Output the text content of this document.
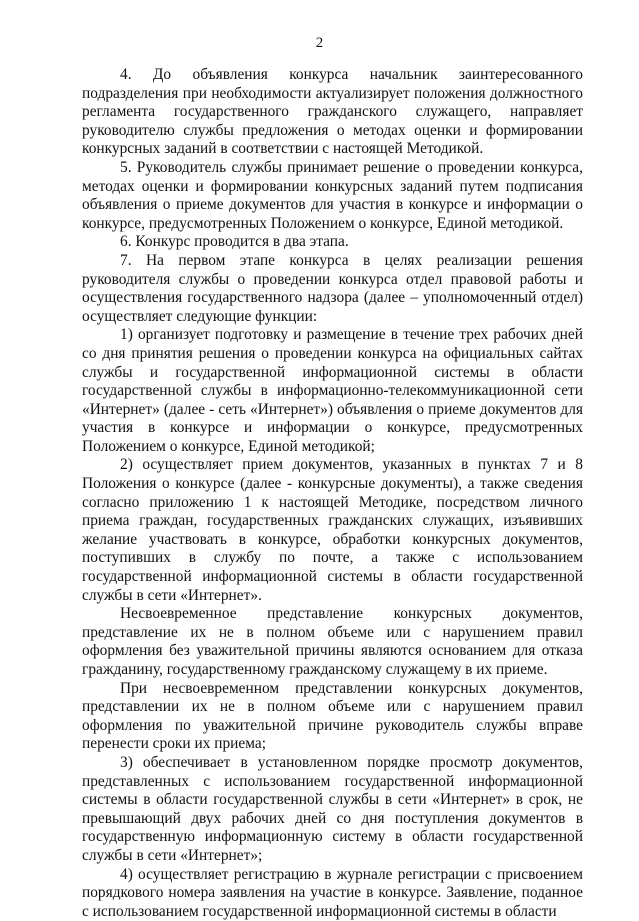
2

4. До объявления конкурса начальник заинтересованного подразделения при необходимости актуализирует положения должностного регламента государственного гражданского служащего, направляет руководителю службы предложения о методах оценки и формировании конкурсных заданий в соответствии с настоящей Методикой.

5. Руководитель службы принимает решение о проведении конкурса, методах оценки и формировании конкурсных заданий путем подписания объявления о приеме документов для участия в конкурсе и информации о конкурсе, предусмотренных Положением о конкурсе, Единой методикой.

6. Конкурс проводится в два этапа.

7. На первом этапе конкурса в целях реализации решения руководителя службы о проведении конкурса отдел правовой работы и осуществления государственного надзора (далее – уполномоченный отдел) осуществляет следующие функции:

1) организует подготовку и размещение в течение трех рабочих дней со дня принятия решения о проведении конкурса на официальных сайтах службы и государственной информационной системы в области государственной службы в информационно-телекоммуникационной сети «Интернет» (далее - сеть «Интернет») объявления о приеме документов для участия в конкурсе и информации о конкурсе, предусмотренных Положением о конкурсе, Единой методикой;

2) осуществляет прием документов, указанных в пунктах 7 и 8 Положения о конкурсе (далее - конкурсные документы), а также сведения согласно приложению 1 к настоящей Методике, посредством личного приема граждан, государственных гражданских служащих, изъявивших желание участвовать в конкурсе, обработки конкурсных документов, поступивших в службу по почте, а также с использованием государственной информационной системы в области государственной службы в сети «Интернет».

Несвоевременное представление конкурсных документов, представление их не в полном объеме или с нарушением правил оформления без уважительной причины являются основанием для отказа гражданину, государственному гражданскому служащему в их приеме.

При несвоевременном представлении конкурсных документов, представлении их не в полном объеме или с нарушением правил оформления по уважительной причине руководитель службы вправе перенести сроки их приема;

3) обеспечивает в установленном порядке просмотр документов, представленных с использованием государственной информационной системы в области государственной службы в сети «Интернет» в срок, не превышающий двух рабочих дней со дня поступления документов в государственную информационную систему в области государственной службы в сети «Интернет»;

4) осуществляет регистрацию в журнале регистрации с присвоением порядкового номера заявления на участие в конкурсе. Заявление, поданное с использованием государственной информационной системы в области
